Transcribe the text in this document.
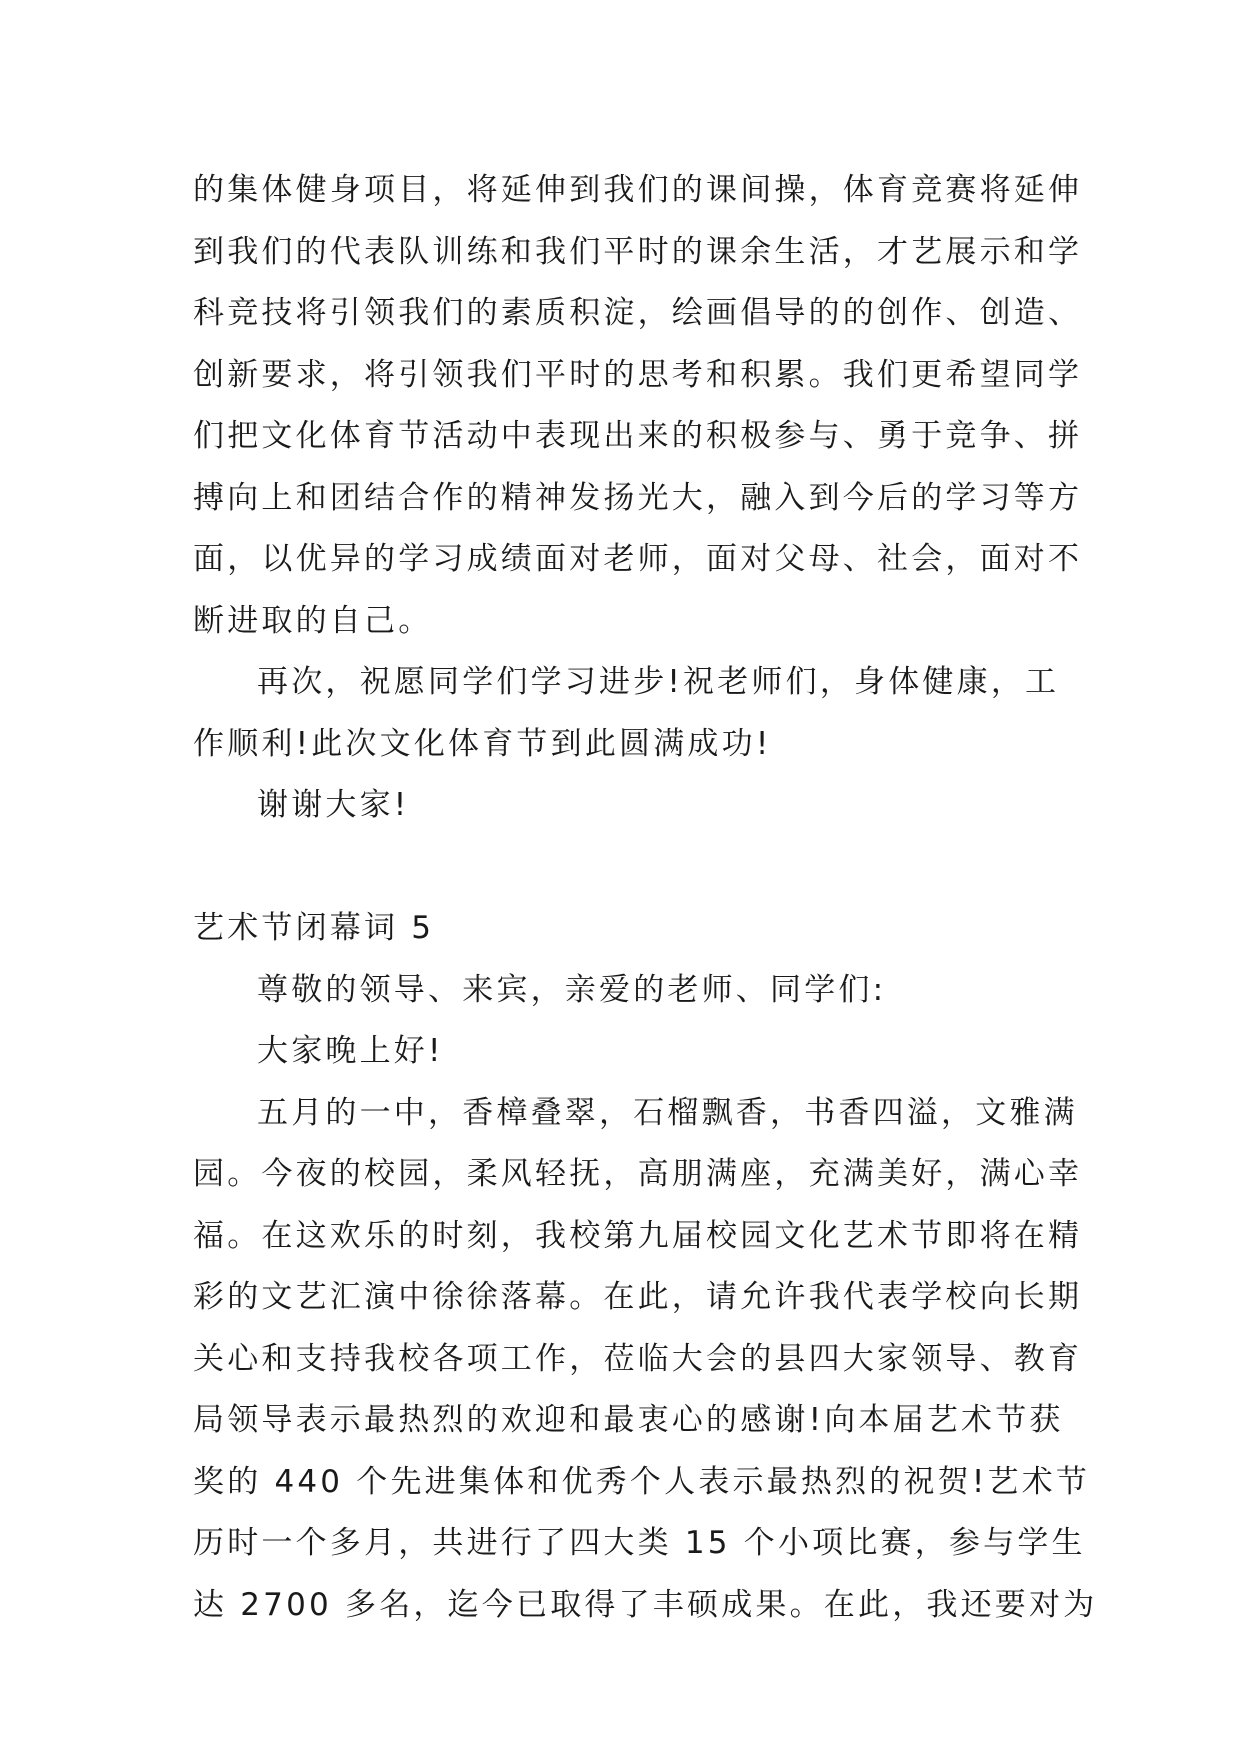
的集体健身项目，将延伸到我们的课间操，体育竞赛将延伸
到我们的代表队训练和我们平时的课余生活，才艺展示和学
科竞技将引领我们的素质积淀，绘画倡导的的创作、创造、
创新要求，将引领我们平时的思考和积累。我们更希望同学
们把文化体育节活动中表现出来的积极参与、勇于竞争、拼
搏向上和团结合作的精神发扬光大，融入到今后的学习等方
面，以优异的学习成绩面对老师，面对父母、社会，面对不
断进取的自己。
再次，祝愿同学们学习进步!祝老师们，身体健康，工
作顺利!此次文化体育节到此圆满成功!
谢谢大家!
艺术节闭幕词 5
尊敬的领导、来宾，亲爱的老师、同学们:
大家晚上好!
五月的一中，香樟叠翠，石榴飘香，书香四溢，文雅满
园。今夜的校园，柔风轻抚，高朋满座，充满美好，满心幸
福。在这欢乐的时刻，我校第九届校园文化艺术节即将在精
彩的文艺汇演中徐徐落幕。在此，请允许我代表学校向长期
关心和支持我校各项工作，莅临大会的县四大家领导、教育
局领导表示最热烈的欢迎和最衷心的感谢!向本届艺术节获
奖的 440 个先进集体和优秀个人表示最热烈的祝贺!艺术节
历时一个多月，共进行了四大类 15 个小项比赛，参与学生
达 2700 多名，迄今已取得了丰硕成果。在此，我还要对为
